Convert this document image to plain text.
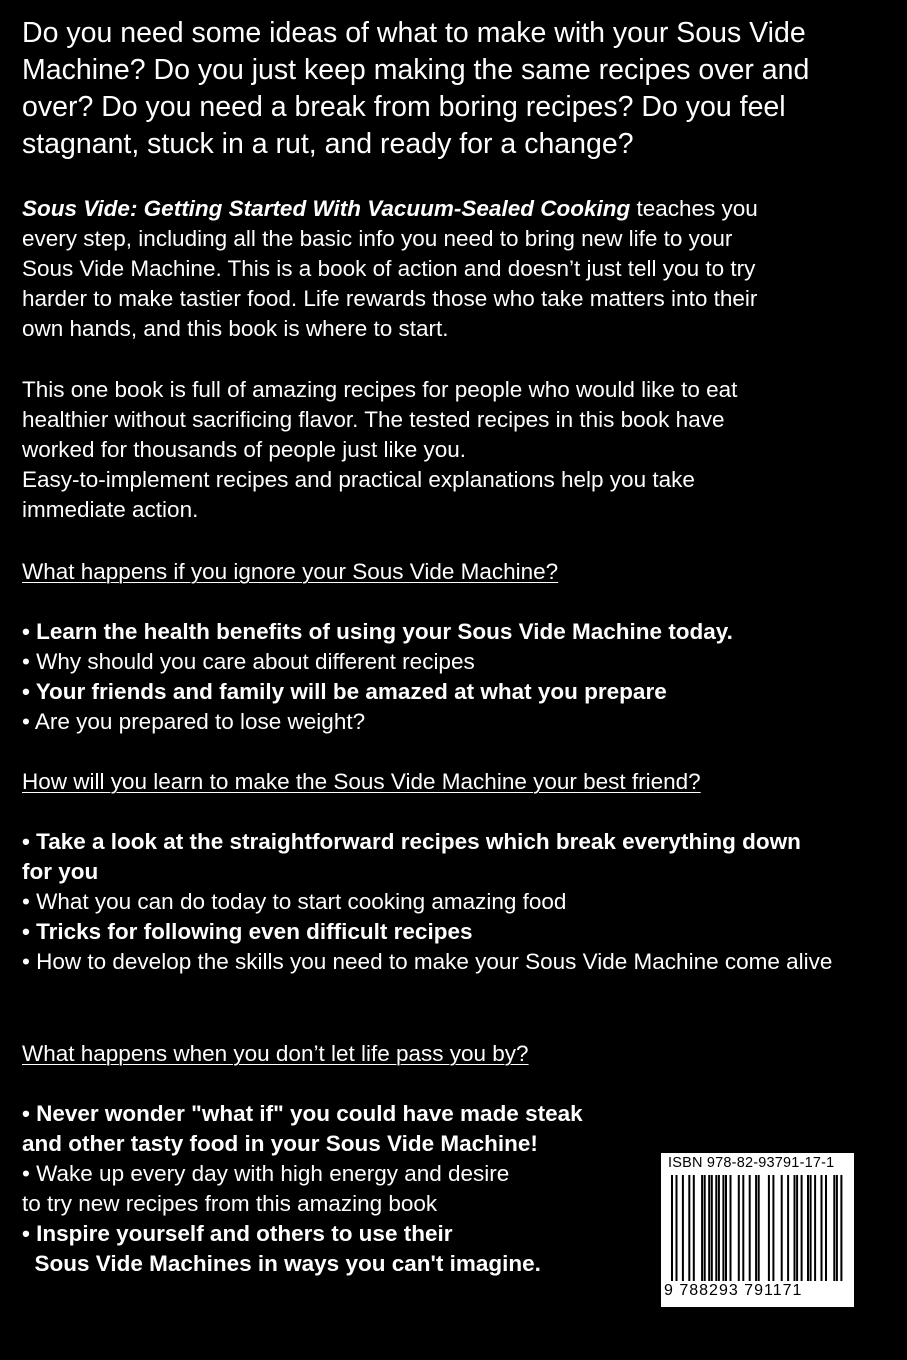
Do you need some ideas of what to make with your Sous Vide
Machine? Do you just keep making the same recipes over and
over? Do you need a break from boring recipes? Do you feel
stagnant, stuck in a rut, and ready for a change?
Sous Vide: Getting Started With Vacuum-Sealed Cooking teaches you
every step, including all the basic info you need to bring new life to your
Sous Vide Machine. This is a book of action and doesn’t just tell you to try
harder to make tastier food. Life rewards those who take matters into their
own hands, and this book is where to start.
This one book is full of amazing recipes for people who would like to eat
healthier without sacrificing flavor. The tested recipes in this book have
worked for thousands of people just like you.
Easy-to-implement recipes and practical explanations help you take
immediate action.
What happens if you ignore your Sous Vide Machine?

• Learn the health benefits of using your Sous Vide Machine today.
• Why should you care about different recipes
• Your friends and family will be amazed at what you prepare
• Are you prepared to lose weight?
How will you learn to make the Sous Vide Machine your best friend?

• Take a look at the straightforward recipes which break everything down for you
• What you can do today to start cooking amazing food
• Tricks for following even difficult recipes
• How to develop the skills you need to make your Sous Vide Machine come alive
What happens when you don’t let life pass you by?

• Never wonder "what if" you could have made steak
and other tasty food in your Sous Vide Machine!
• Wake up every day with high energy and desire
to try new recipes from this amazing book
• Inspire yourself and others to use their
Sous Vide Machines in ways you can't imagine.
ISBN 978-82-93791-17-1
9 788293 791171
